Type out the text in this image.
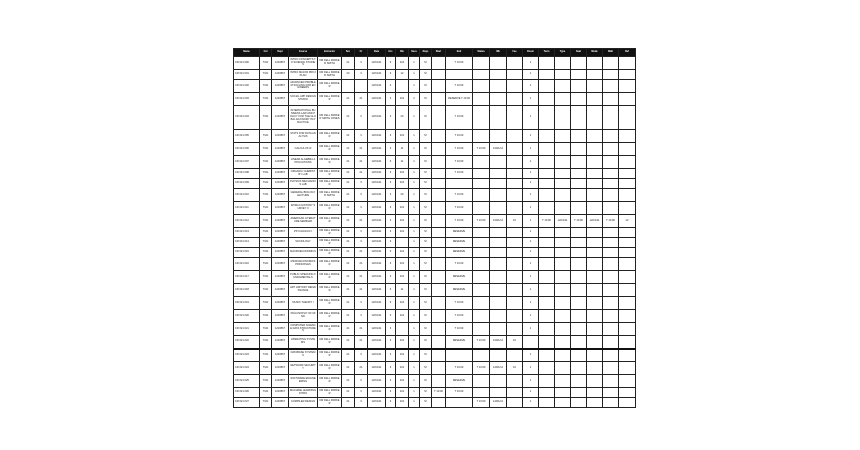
Name	Col	Dept	Course	Instructor	Sec	Cr	Date	Hrs	Rm	Sess	Days	Start	End	Status	Wk	Fee	Room	Term	Type	Seat	Mode	Wait	Ref
CR 021 000	TGN	1234567	INTRO CONCEPTS TO SCIENCE STUDIES	DR FELL PARKER SMITH	21	3	12/01/11	3	101	1	M		T 10:00				1						
CR 021 001	TGN	1234567	INTRO MAJOR PROJ PLAN	DR FELL PARKER SMITH	23	3	12/01/11	3	12	1	M						1						
CR 021 002	TGN	1234567	ADVANCED PROBLEM SOLVING FOR ENGINEERS	DR FELL PARKER			12/01/11	3		1	M		T 10:00				1						
CR 021 003	TGN	1234567	SOCIAL APP DESIGN STUDIO	DR FELL PARKER	21	21	12/01/11	3	101	2	M		RESERVE T 10:00				1						
CR 021 004	TGN	1234567	INTERNATIONAL BUSINESS LAW AND POLICY FOR THE GLOBAL ECONOMY IN PRACTICE	DR FELL PARKER SMITH JONES	21	3	12/01/11	3	20	1	M		T 10:00				1						
CR 021 005	TGN	1234567	STATS FOR DATA ANALYSIS	DR FELL PARKER	21	3	12/01/11	3	101	1	M		T 10:00				1						
CR 021 006	TGN	1234567	CALCULUS III	DR FELL PARKER	21	21	12/01/11	3	11	1	M		T 10:00	T 10:00	12/01/11		1						
CR 021 007	TGN	1234567	LINEAR ALGEBRA APPLICATIONS	DR FELL PARKER	21	21	12/01/11	3	11	1	M		T 10:00				1						
CR 021 008	TGN	1234567	ORGANIC CHEMISTRY LAB	DR FELL PARKER	21	21	12/01/11	3	101	1	M		T 10:00				1						
CR 021 009	TGN	1234567	PHYSICS MECHANICS LAB	DR FELL PARKER	21	3	12/01/11	3	101	1	M						1						
CR 021 010	TGN	1234567	GENERAL BIOLOGY LECTURE	DR FELL PARKER SMITH	21	3	12/01/11	3	20	1	M		T 10:00				1						
CR 021 011	TGN	1234567	WORLD HISTORY SURVEY II	DR FELL PARKER	21	3	12/01/11	3	101	1	M		T 10:00				1						
CR 021 012	TGN	1234567	AMERICAN LITERATURE SEMINAR	DR FELL PARKER	21	21	12/01/11	3	101	1	M		T 10:00	T 10:00	12/01/11	10	1	T 10:00	12/01/11	T 10:00	12/01/11	T 10:00	12
CR 021 013	TGN	1234567	PSYCHOLOGY	DR FELL PARKER	21	3	12/01/11	3	101	1	M		RESERVE				1						
CR 021 014	TGN	1234567	SOCIOLOGY	DR FELL PARKER	21	3	12/01/11	3		1	M		RESERVE				1						
CR 021 015	TGN	1234567	MACROECONOMICS	DR FELL PARKER	21	21	12/01/11	3	101	1	M		RESERVE				1						
CR 021 016	TGN	1234567	MICROECONOMICS PRINCIPLES	DR FELL PARKER	21	21	12/01/11	3	101	1	M		T 10:00				1						
CR 021 017	TGN	1234567	PUBLIC SPEAKING FUNDAMENTALS	DR FELL PARKER	21	21	12/01/11	3	101	1	M		RESERVE				1						
CR 021 018	TGN	1234567	ART HISTORY RENAISSANCE	DR FELL PARKER	21	21	12/01/11	3	11	1	M		RESERVE				1						
CR 021 019	TGN	1234567	MUSIC THEORY I	DR FELL PARKER	21	3	12/01/11	3	101	1	M		T 10:00				1						
CR 021 020	TGN	1234567	PHILOSOPHY OF MIND	DR FELL PARKER	21	3	12/01/11	3	101	1	M		T 10:00				1						
CR 021 021	TGN	1234567	COMPUTER SCIENCE DATA STRUCTURES	DR FELL PARKER	21	21	12/01/11	3		1	M		T 10:00				1						
CR 021 022	TGN	1234567	OPERATING SYSTEMS	DR FELL PARKER	21	21	12/01/11	3	101	1	M		RESERVE	T 10:00	12/01/11	10							
CR 021 023	TGN	1234567	DATABASE SYSTEMS	DR FELL PARKER	21	3	12/01/11	3	101	1	M						1						
CR 021 024	TGN	1234567	NETWORK SECURITY	DR FELL PARKER	21	21	12/01/11	3	101	1	M		T 10:00	T 10:00	12/01/11	10	1						
CR 021 025	TGN	1234567	SOFTWARE ENGINEERING	DR FELL PARKER	21	3	12/01/11	3	101	1	M		RESERVE				1						
CR 021 026	TGN	1234567	MACHINE LEARNING INTRO	DR FELL PARKER	21	3	12/01/11	3	101	1	M	T 10:00	T 10:00				1						
CR 021 027	TGN	1234567	COMPILER DESIGN	DR FELL PARKER	21	3	12/01/11	3	101	1	M			T 10:00	12/01/11		1						
